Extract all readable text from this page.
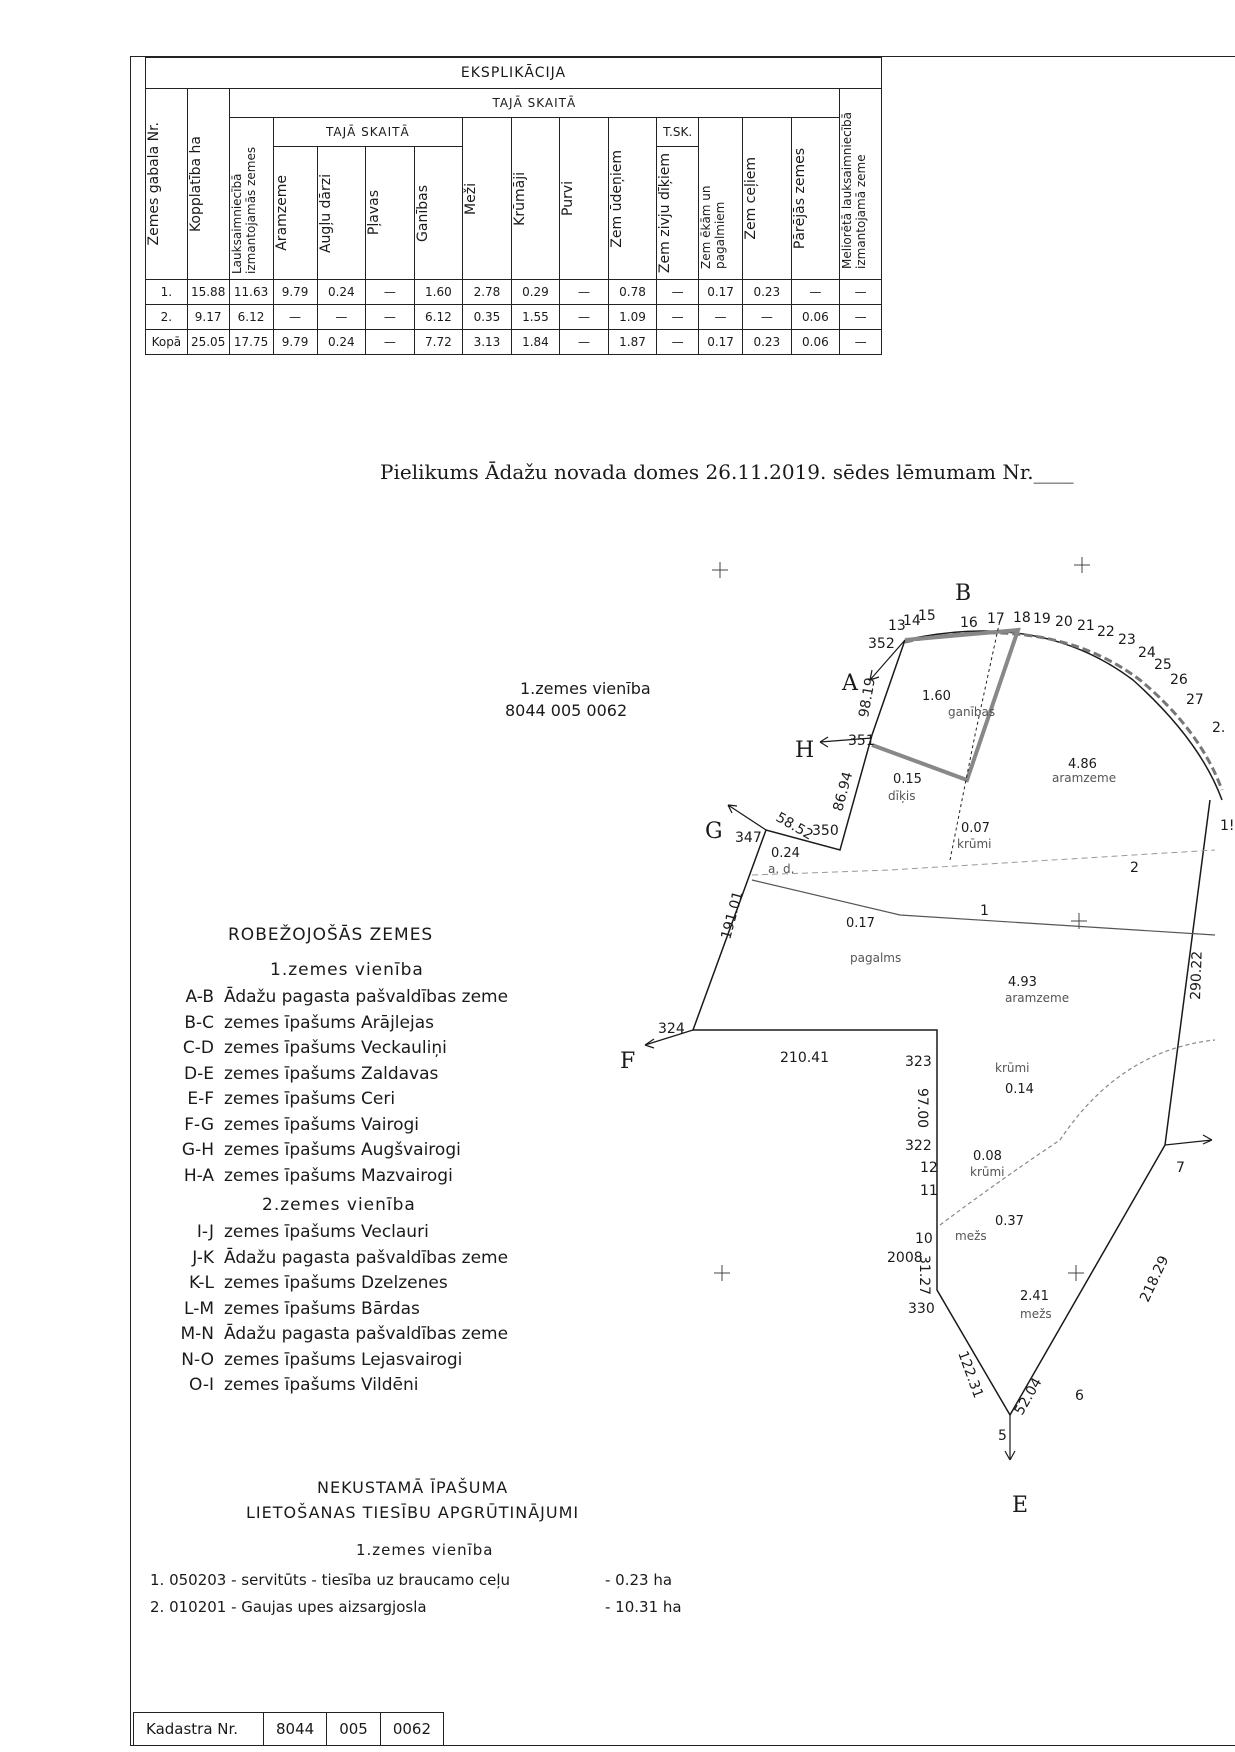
EKSPLIKĀCIJA															

Zemes gabala Nr.	Kopplatība ha	TAJĀ SKAITĀ													Meliorētā lauksaimniecībā izmantojamā zeme

		Lauksaimniecībā izmantojamās zemes	TAJĀ SKAITĀ				Meži	Krūmāji	Purvi	Zem ūdeņiem	T.SK.	Zem ēkām un pagalmiem	Zem ceļiem	Pārējās zemes	

			Aramzeme	Augļu dārzi	Pļavas	Ganības					Zem zivju dīķiem				

1.	15.88	11.63	9.79	0.24	—	1.60	2.78	0.29	—	0.78	—	0.17	0.23	—	—
2.	9.17	6.12	—	—	—	6.12	0.35	1.55	—	1.09	—	—	—	0.06	—
Kopā	25.05	17.75	9.79	0.24	—	7.72	3.13	1.84	—	1.87	—	0.17	0.23	0.06	—
Pielikums Ādažu novada domes 26.11.2019. sēdes lēmumam Nr.____
ROBEŽOJOŠĀS ZEMES
1.zemes vienība
A-B Ādažu pagasta pašvaldības zeme
B-C zemes īpašums Arājlejas
C-D zemes īpašums Veckauliņi
D-E zemes īpašums Zaldavas
E-F zemes īpašums Ceri
F-G zemes īpašums Vairogi
G-H zemes īpašums Augšvairogi
H-A zemes īpašums Mazvairogi
2.zemes vienība
I-J zemes īpašums Veclauri
J-K Ādažu pagasta pašvaldības zeme
K-L zemes īpašums Dzelzenes
L-M zemes īpašums Bārdas
M-N Ādažu pagasta pašvaldības zeme
N-O zemes īpašums Lejasvairogi
O-I zemes īpašums Vildēni
NEKUSTAMĀ ĪPAŠUMA
LIETOŠANAS TIESĪBU APGRŪTINĀJUMI
1.zemes vienība
1. 050203 - servitūts - tiesība uz braucamo ceļu	- 0.23 ha
2. 010201 - Gaujas upes aizsargjosla	- 10.31 ha
Kadastra Nr.	8044	005	0062
1.zemes vienība
8044 005 0062
A
B
E
F
G
H
13
14
15 16 17 18 19 20 21 22 23
24
25
26
27
2.
352
351
350
347
324
323
322
12
11
10
2008
330
5
6
7
1!
98.19
86.94
58.52
191.01
210.41
97.00
31.27
122.31 52.04
218.29
290.22
1.60
ganības
4.86
aramzeme
0.15
dīķis
0.07
krūmi
0.24
a. d.
0.17
pagalms
4.93
aramzeme
0.14
krūmi
0.08
krūmi
0.37
mežs
2.41
mežs
1
2
